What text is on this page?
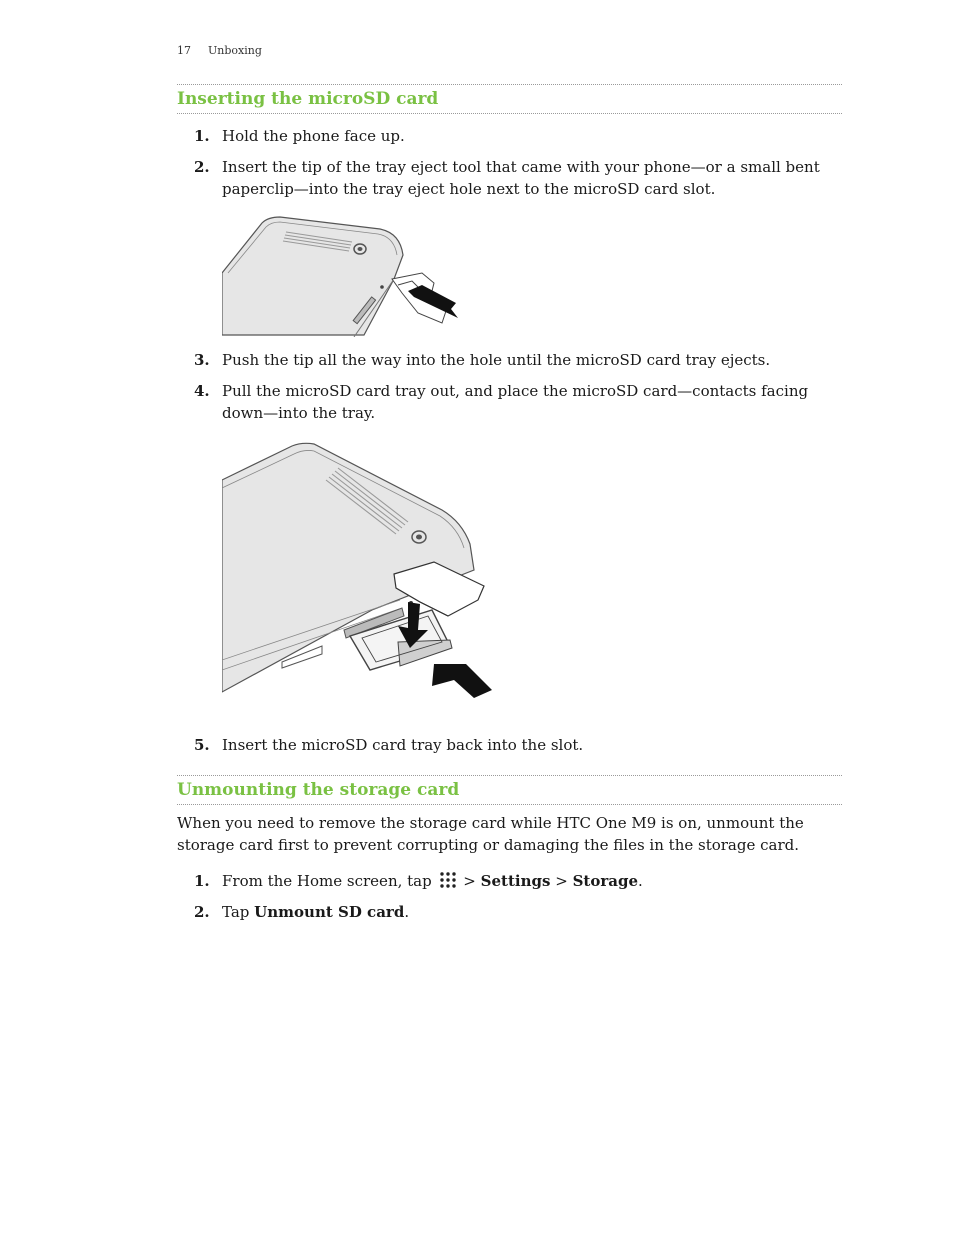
17 Unboxing
Inserting the microSD card
1. Hold the phone face up.
2. Insert the tip of the tray eject tool that came with your phone—or a small bent paperclip—into the tray eject hole next to the microSD card slot.
3. Push the tip all the way into the hole until the microSD card tray ejects.
4. Pull the microSD card tray out, and place the microSD card—contacts facing down—into the tray.
5. Insert the microSD card tray back into the slot.
Unmounting the storage card
When you need to remove the storage card while HTC One M9 is on, unmount the storage card first to prevent corrupting or damaging the files in the storage card.
1. From the Home screen, tap > Settings > Storage.
2. Tap Unmount SD card.
